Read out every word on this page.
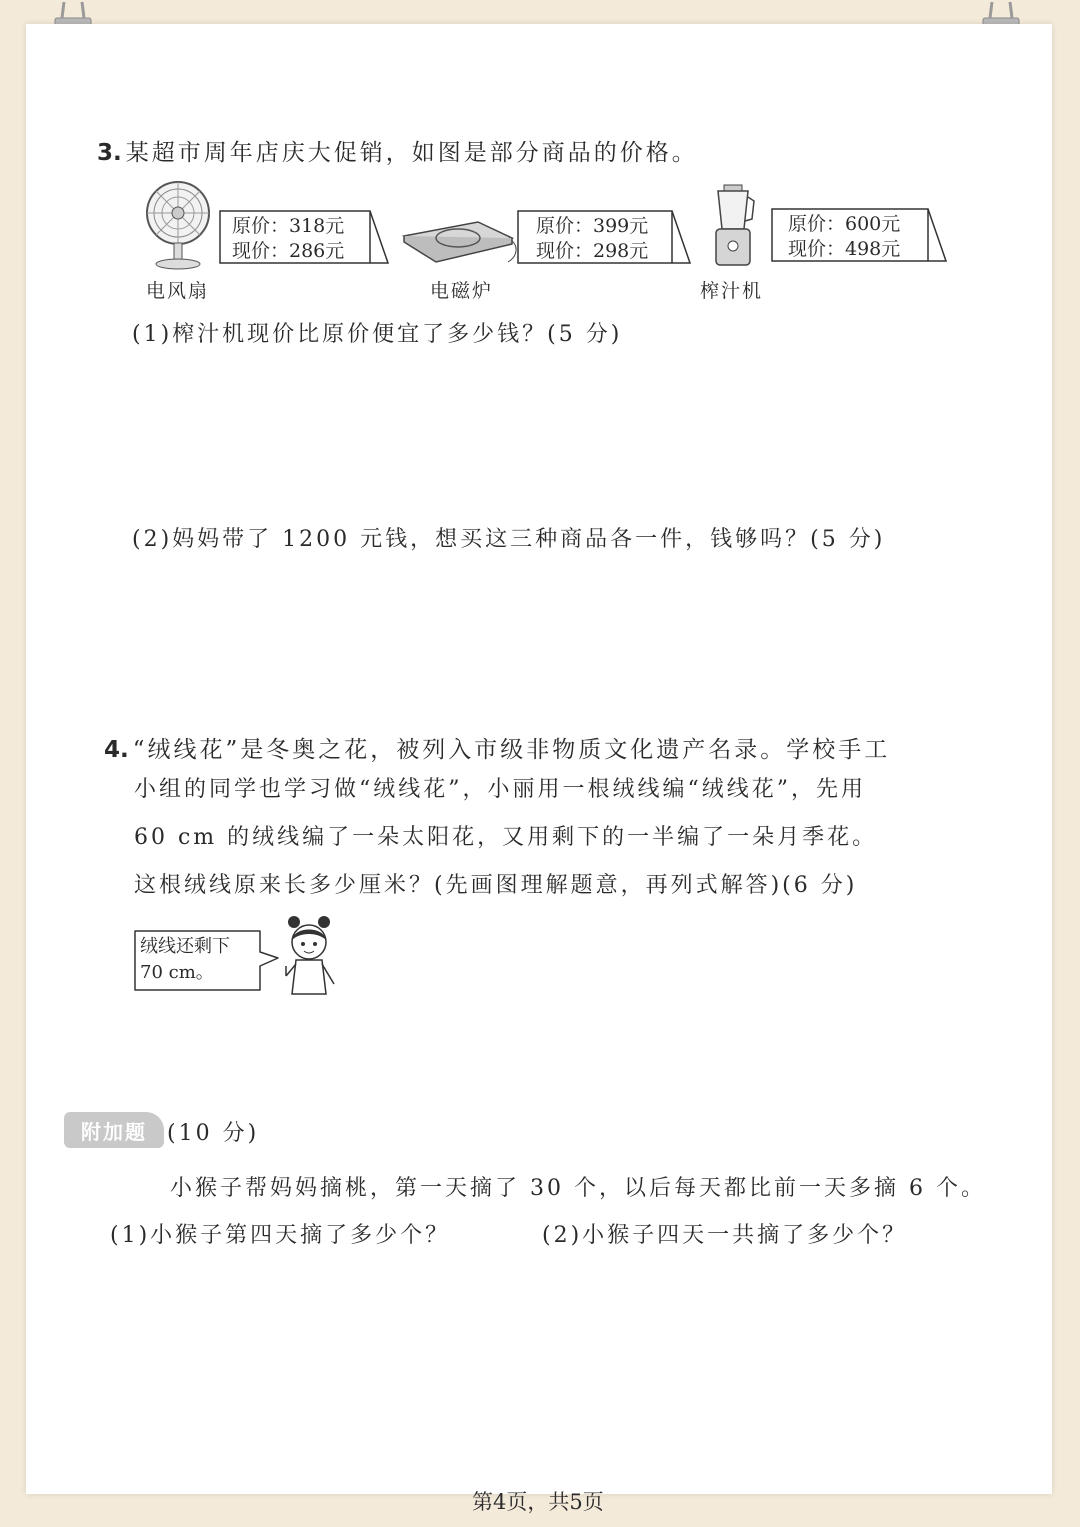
3. 某超市周年店庆大促销，如图是部分商品的价格。
原价：318元
现价：286元
电风扇
原价：399元
现价：298元
电磁炉
原价：600元
现价：498元
榨汁机
(1)榨汁机现价比原价便宜了多少钱？(5 分)
(2)妈妈带了 1200 元钱，想买这三种商品各一件，钱够吗？(5 分)
4. “绒线花”是冬奥之花，被列入市级非物质文化遗产名录。学校手工
小组的同学也学习做“绒线花”，小丽用一根绒线编“绒线花”，先用
60 cm 的绒线编了一朵太阳花，又用剩下的一半编了一朵月季花。
这根绒线原来长多少厘米？(先画图理解题意，再列式解答)(6 分)
绒线还剩下
70 cm。
附加题 (10 分)
小猴子帮妈妈摘桃，第一天摘了 30 个，以后每天都比前一天多摘 6 个。
(1)小猴子第四天摘了多少个？	(2)小猴子四天一共摘了多少个？
第4页，共5页
